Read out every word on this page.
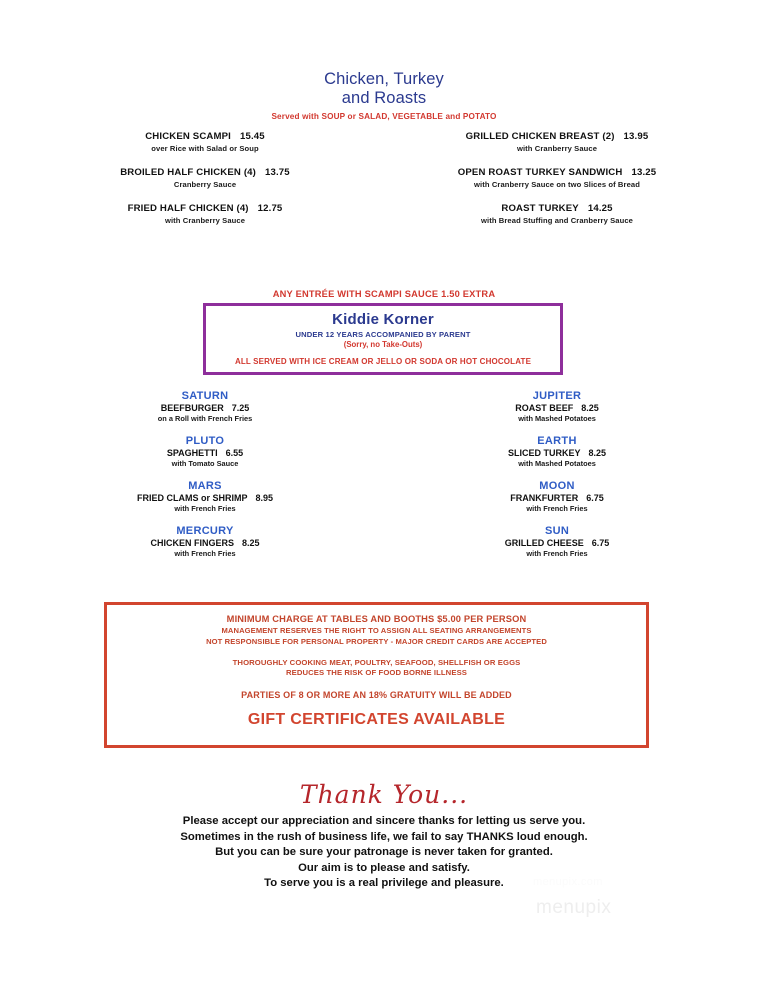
Chicken, Turkey
and Roasts
Served with SOUP or SALAD, VEGETABLE and POTATO
CHICKEN SCAMPI 15.45
over Rice with Salad or Soup
BROILED HALF CHICKEN (4) 13.75
Cranberry Sauce
FRIED HALF CHICKEN (4) 12.75
with Cranberry Sauce
GRILLED CHICKEN BREAST (2) 13.95
with Cranberry Sauce
OPEN ROAST TURKEY SANDWICH 13.25
with Cranberry Sauce on two Slices of Bread
ROAST TURKEY 14.25
with Bread Stuffing and Cranberry Sauce
ANY ENTRÉE WITH SCAMPI SAUCE 1.50 EXTRA
Kiddie Korner
UNDER 12 YEARS ACCOMPANIED BY PARENT
(Sorry, no Take-Outs)
ALL SERVED WITH ICE CREAM OR JELLO OR SODA OR HOT CHOCOLATE
SATURN
BEEFBURGER 7.25
on a Roll with French Fries
PLUTO
SPAGHETTI 6.55
with Tomato Sauce
MARS
FRIED CLAMS or SHRIMP 8.95
with French Fries
MERCURY
CHICKEN FINGERS 8.25
with French Fries
JUPITER
ROAST BEEF 8.25
with Mashed Potatoes
EARTH
SLICED TURKEY 8.25
with Mashed Potatoes
MOON
FRANKFURTER 6.75
with French Fries
SUN
GRILLED CHEESE 6.75
with French Fries
MINIMUM CHARGE AT TABLES AND BOOTHS $5.00 PER PERSON
MANAGEMENT RESERVES THE RIGHT TO ASSIGN ALL SEATING ARRANGEMENTS
NOT RESPONSIBLE FOR PERSONAL PROPERTY - MAJOR CREDIT CARDS ARE ACCEPTED
THOROUGHLY COOKING MEAT, POULTRY, SEAFOOD, SHELLFISH OR EGGS
REDUCES THE RISK OF FOOD BORNE ILLNESS
PARTIES OF 8 OR MORE AN 18% GRATUITY WILL BE ADDED
GIFT CERTIFICATES AVAILABLE
Thank You...
Please accept our appreciation and sincere thanks for letting us serve you.
Sometimes in the rush of business life, we fail to say THANKS loud enough.
But you can be sure your patronage is never taken for granted.
Our aim is to please and satisfy.
To serve you is a real privilege and pleasure.	menupix.com
menupix
